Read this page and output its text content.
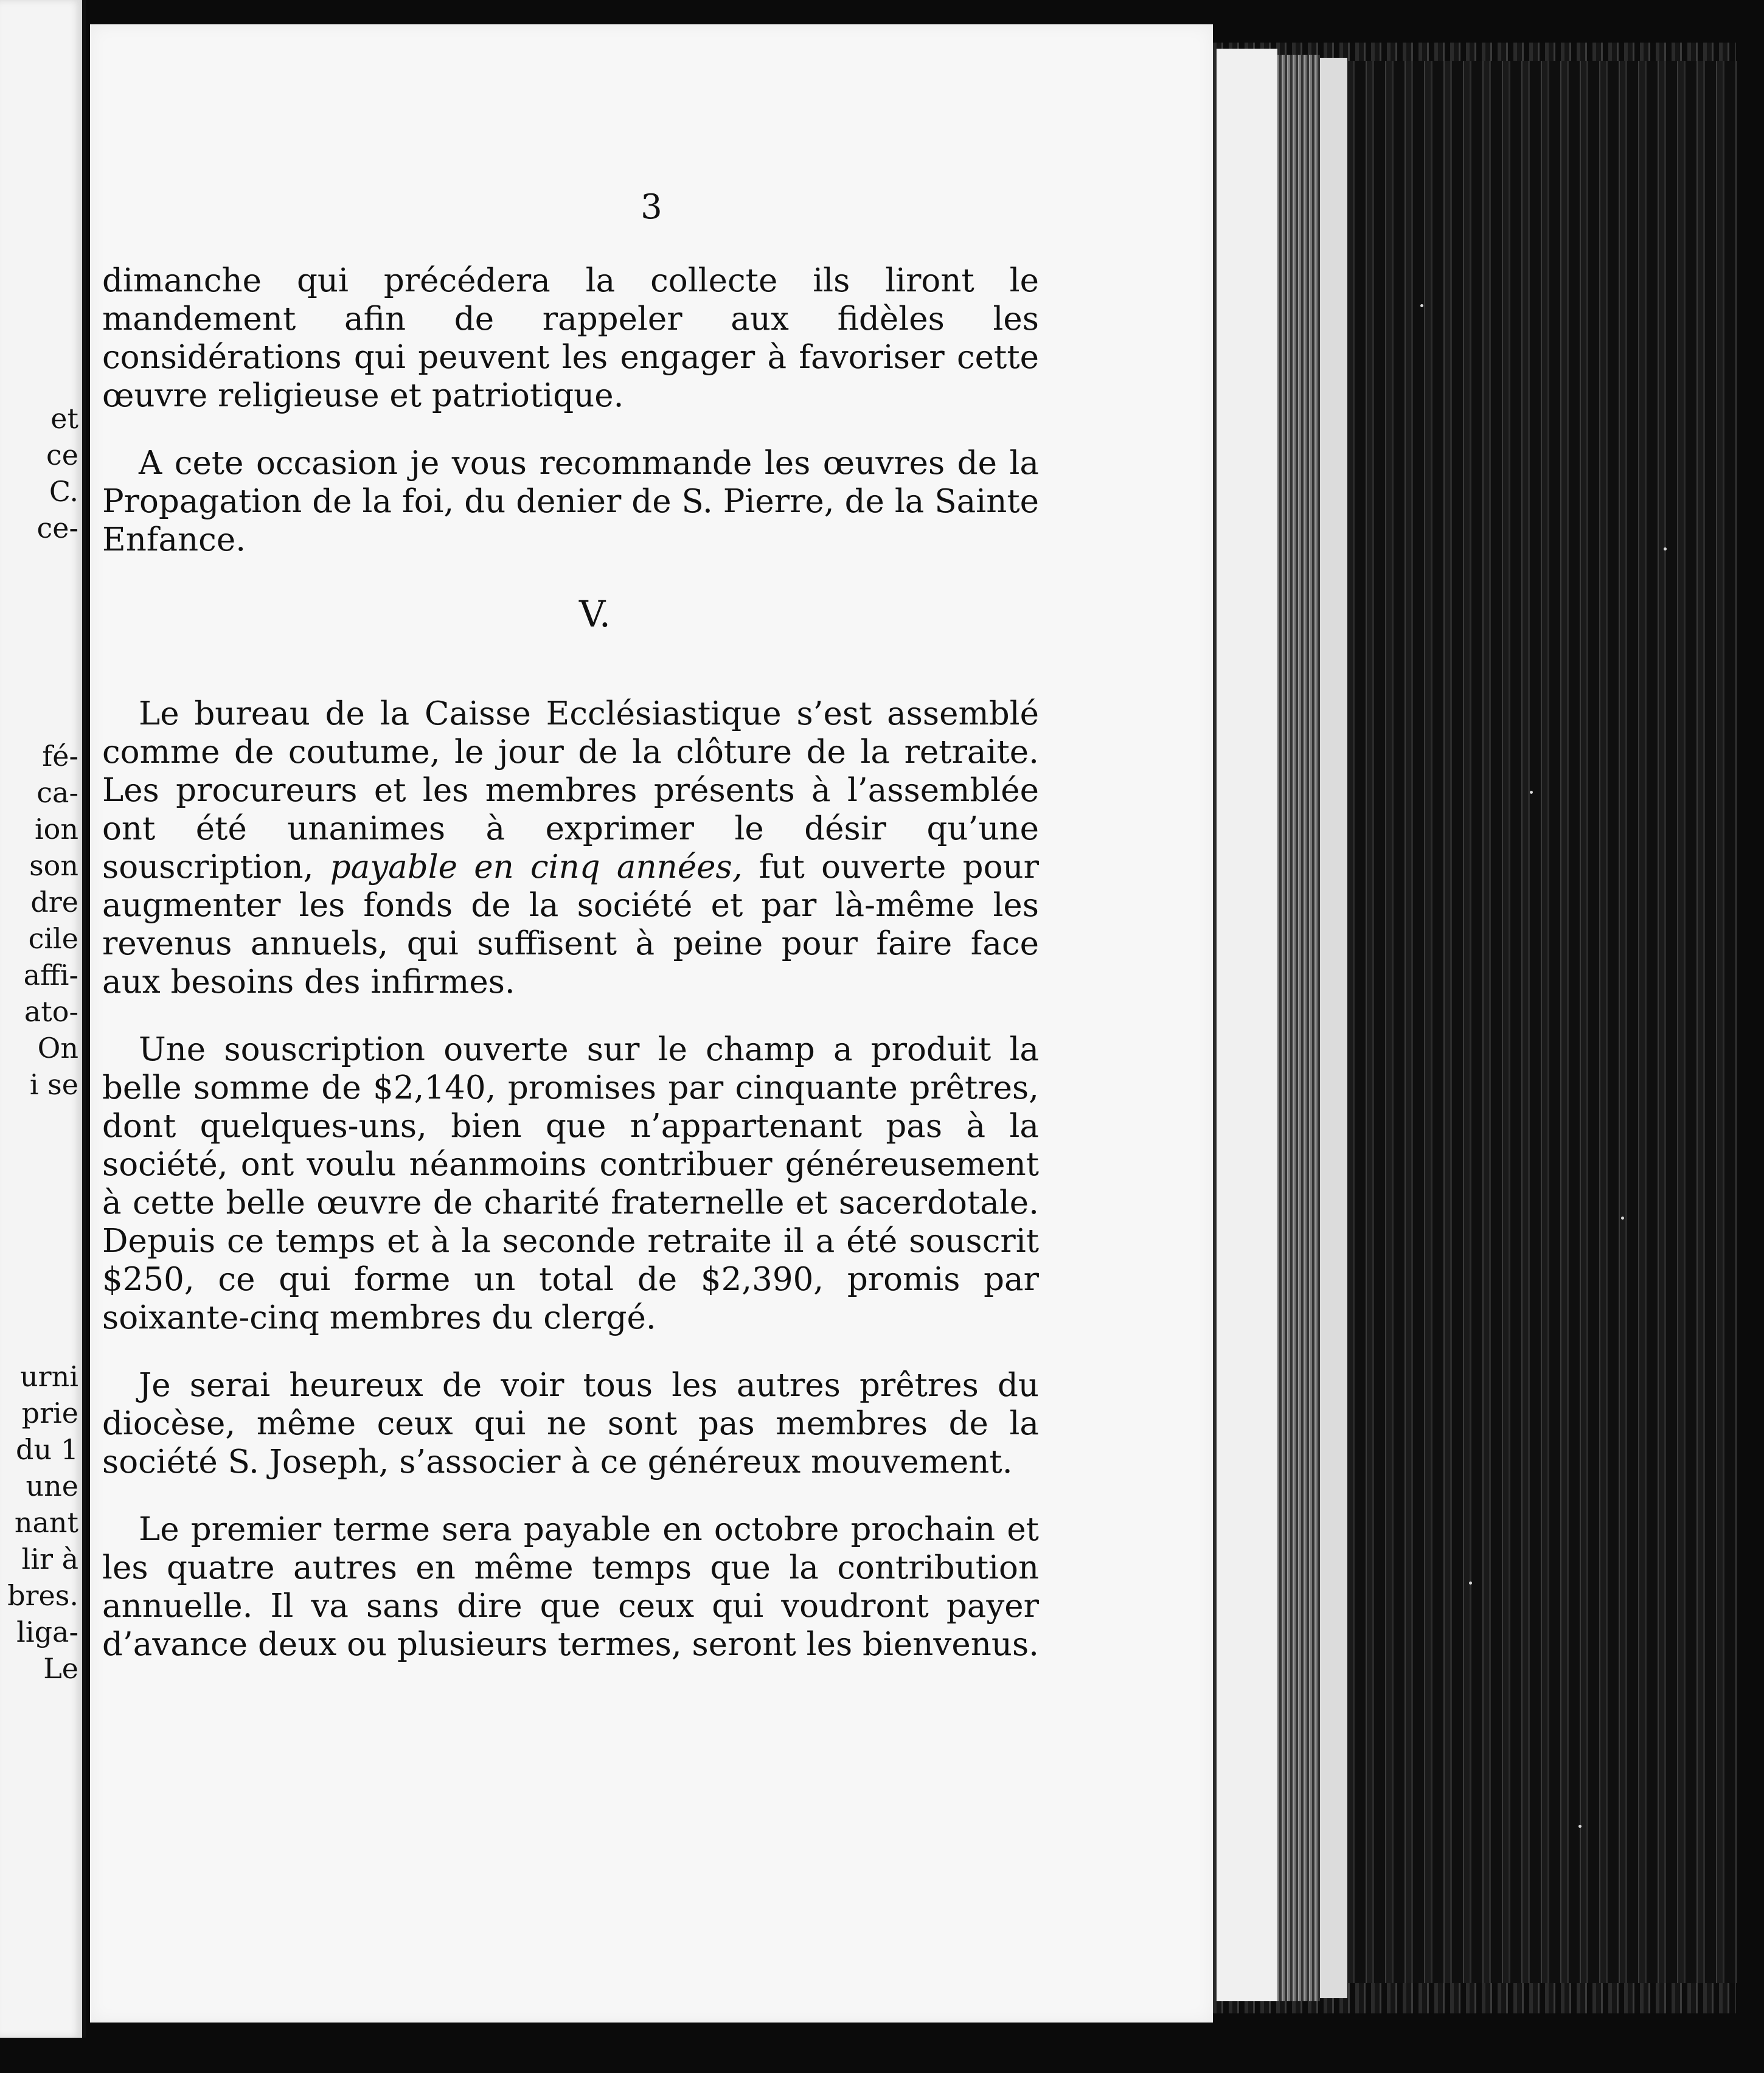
et
ce
C.
ce-
fé-
ca-
ion
son
dre
cile
affi-
ato-
On
i se
urni
prie
du 1
une
nant
lir à
bres.
liga-
Le
3

dimanche qui précédera la collecte ils liront le mandement afin de rappeler aux fidèles les considérations qui peuvent les engager à favoriser cette œuvre religieuse et patriotique.

A cete occasion je vous recommande les œuvres de la Propagation de la foi, du denier de S. Pierre, de la Sainte Enfance.

V.

Le bureau de la Caisse Ecclésiastique s’est assemblé comme de coutume, le jour de la clôture de la retraite. Les procureurs et les membres présents à l’assemblée ont été unanimes à exprimer le désir qu’une souscription, payable en cinq années, fut ouverte pour augmenter les fonds de la société et par là-même les revenus annuels, qui suffisent à peine pour faire face aux besoins des infirmes.

Une souscription ouverte sur le champ a produit la belle somme de $2,140, promises par cinquante prêtres, dont quelques-uns, bien que n’appartenant pas à la société, ont voulu néanmoins contribuer généreusement à cette belle œuvre de charité fraternelle et sacerdotale. Depuis ce temps et à la seconde retraite il a été souscrit $250, ce qui forme un total de $2,390, promis par soixante-cinq membres du clergé.

Je serai heureux de voir tous les autres prêtres du diocèse, même ceux qui ne sont pas membres de la société S. Joseph, s’associer à ce généreux mouvement.

Le premier terme sera payable en octobre prochain et les quatre autres en même temps que la contribution annuelle. Il va sans dire que ceux qui voudront payer d’avance deux ou plusieurs termes, seront les bienvenus.
